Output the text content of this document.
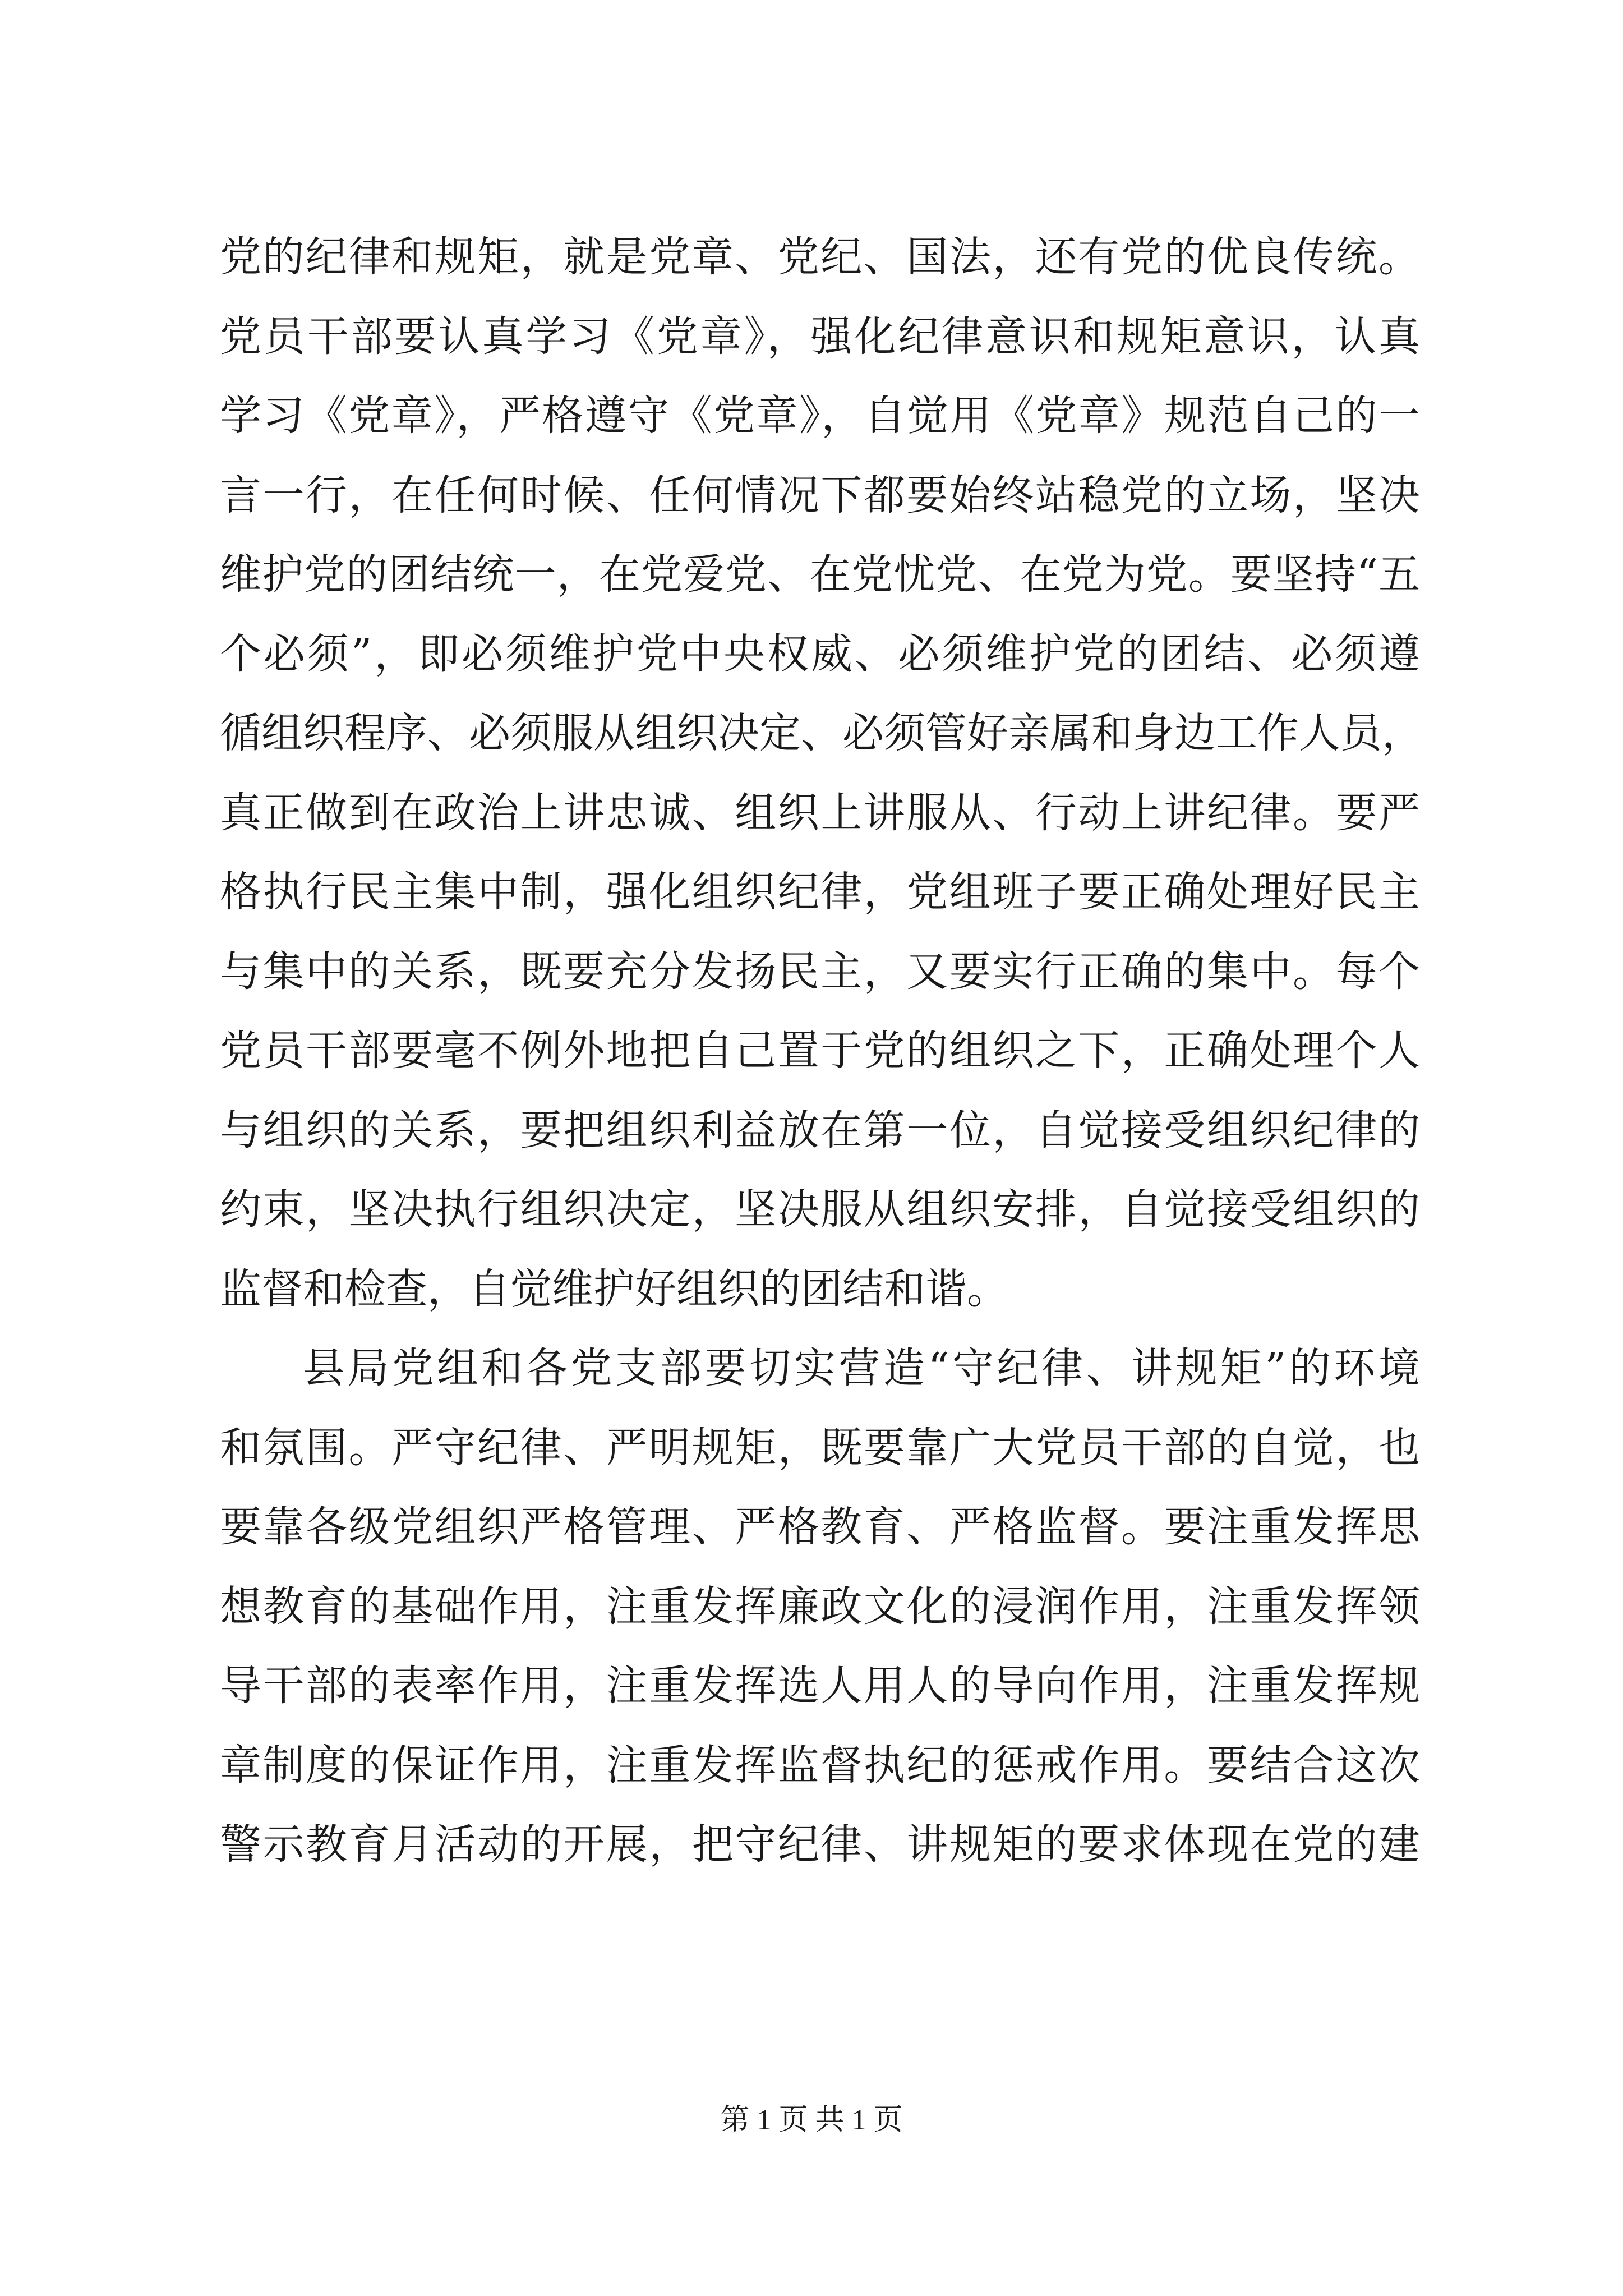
党的纪律和规矩，就是党章、党纪、国法，还有党的优良传统。
党员干部要认真学习《党章》，强化纪律意识和规矩意识，认真
学习《党章》，严格遵守《党章》，自觉用《党章》规范自己的一
言一行，在任何时候、任何情况下都要始终站稳党的立场，坚决
维护党的团结统一，在党爱党、在党忧党、在党为党。要坚持“五
个必须”，即必须维护党中央权威、必须维护党的团结、必须遵
循组织程序、必须服从组织决定、必须管好亲属和身边工作人员，
真正做到在政治上讲忠诚、组织上讲服从、行动上讲纪律。要严
格执行民主集中制，强化组织纪律，党组班子要正确处理好民主
与集中的关系，既要充分发扬民主，又要实行正确的集中。每个
党员干部要毫不例外地把自己置于党的组织之下，正确处理个人
与组织的关系，要把组织利益放在第一位，自觉接受组织纪律的
约束，坚决执行组织决定，坚决服从组织安排，自觉接受组织的
监督和检查，自觉维护好组织的团结和谐。
县局党组和各党支部要切实营造“守纪律、讲规矩”的环境
和氛围。严守纪律、严明规矩，既要靠广大党员干部的自觉，也
要靠各级党组织严格管理、严格教育、严格监督。要注重发挥思
想教育的基础作用，注重发挥廉政文化的浸润作用，注重发挥领
导干部的表率作用，注重发挥选人用人的导向作用，注重发挥规
章制度的保证作用，注重发挥监督执纪的惩戒作用。要结合这次
警示教育月活动的开展，把守纪律、讲规矩的要求体现在党的建
第 1 页 共 1 页
